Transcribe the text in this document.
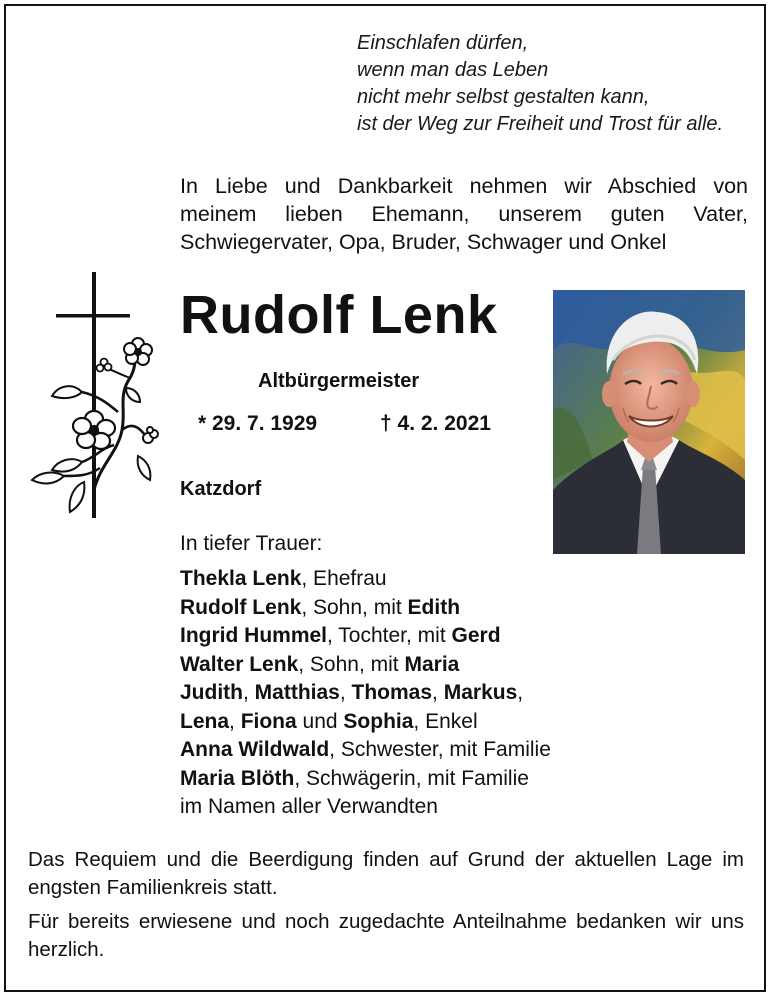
Einschlafen dürfen,
wenn man das Leben
nicht mehr selbst gestalten kann,
ist der Weg zur Freiheit und Trost für alle.
In Liebe und Dankbarkeit nehmen wir Abschied von
meinem lieben Ehemann, unserem guten Vater,
Schwiegervater, Opa, Bruder, Schwager und Onkel
Rudolf Lenk
Altbürgermeister
* 29. 7. 1929	† 4. 2. 2021
Katzdorf
In tiefer Trauer:
Thekla Lenk, Ehefrau
Rudolf Lenk, Sohn, mit Edith
Ingrid Hummel, Tochter, mit Gerd
Walter Lenk, Sohn, mit Maria
Judith, Matthias, Thomas, Markus,
Lena, Fiona und Sophia, Enkel
Anna Wildwald, Schwester, mit Familie
Maria Blöth, Schwägerin, mit Familie
im Namen aller Verwandten
Das Requiem und die Beerdigung finden auf Grund der aktuellen Lage im engsten Familienkreis statt.
Für bereits erwiesene und noch zugedachte Anteilnahme bedanken wir uns herzlich.
